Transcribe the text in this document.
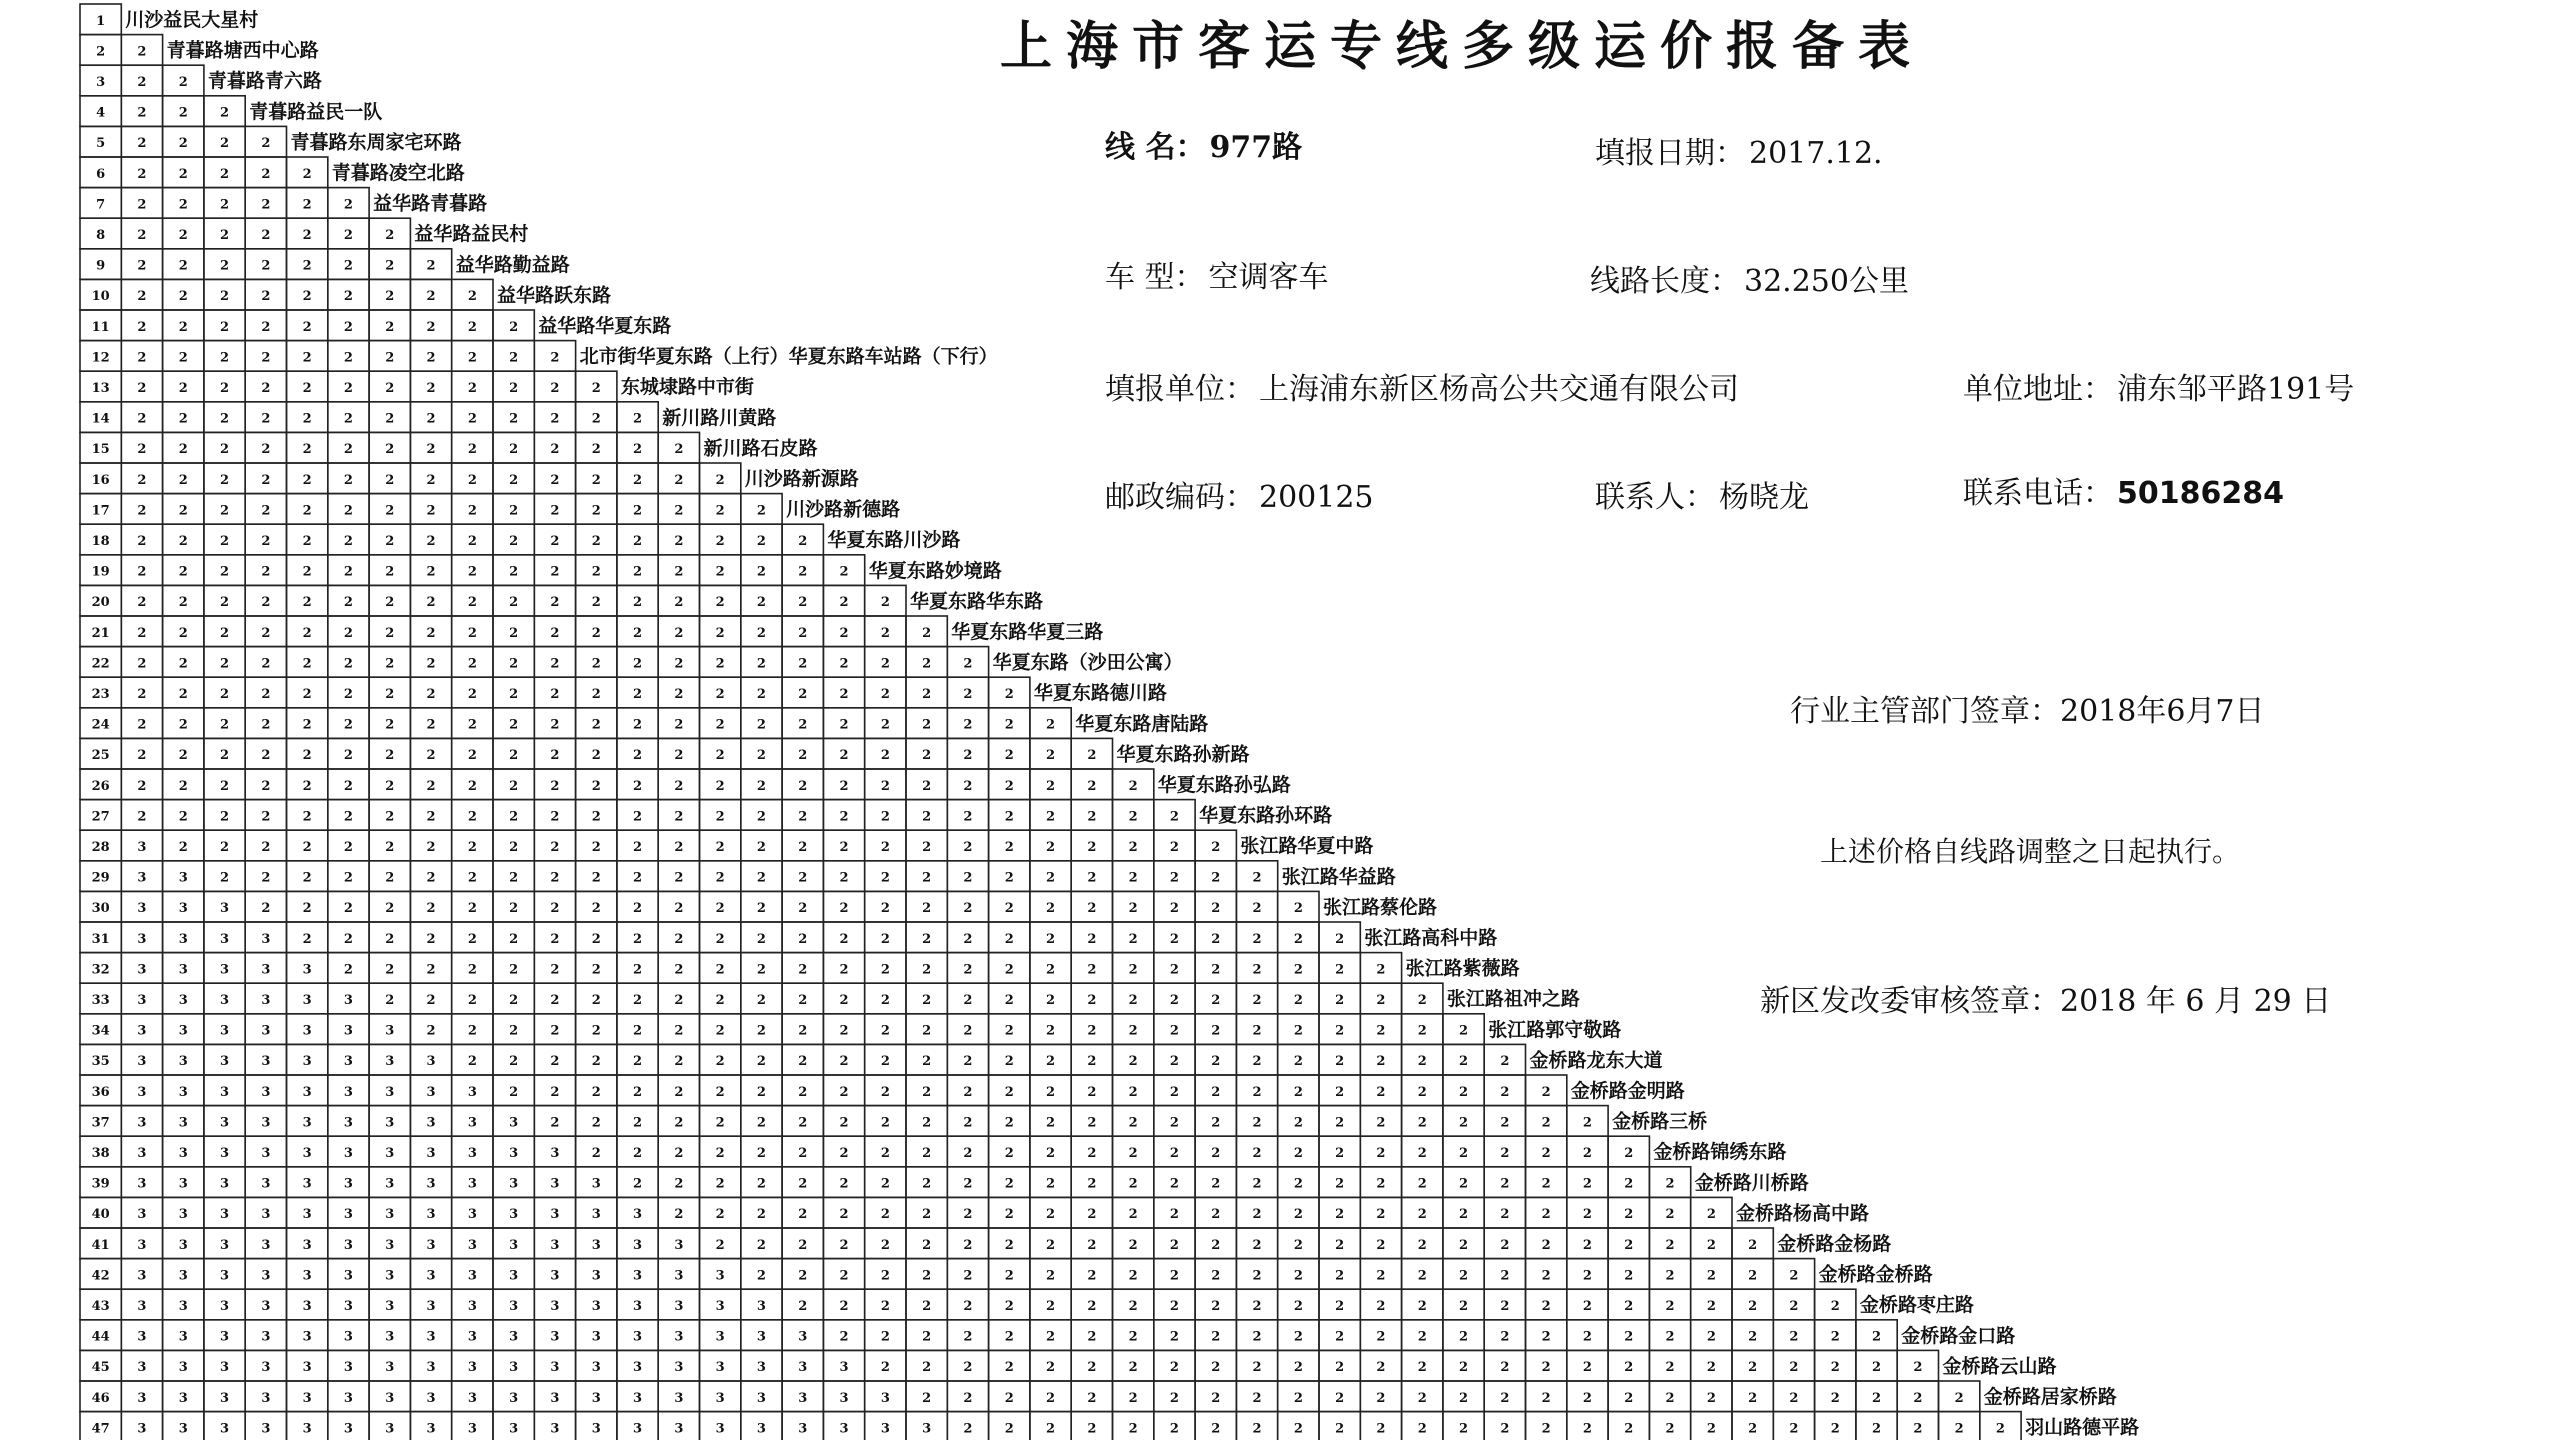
1 川沙益民大星村
2 2 青暮路塘西中心路
3 2 2 青暮路青六路
4 2 2 2 青暮路益民一队
5 2 2 2 2 青暮路东周家宅环路
6 2 2 2 2 2 青暮路凌空北路
7 2 2 2 2 2 2 益华路青暮路
8 2 2 2 2 2 2 2 益华路益民村
9 2 2 2 2 2 2 2 2 益华路勤益路
10 2 2 2 2 2 2 2 2 2 益华路跃东路
11 2 2 2 2 2 2 2 2 2 2 益华路华夏东路
12 2 2 2 2 2 2 2 2 2 2 2 北市街华夏东路（上行）华夏东路车站路（下行）
13 2 2 2 2 2 2 2 2 2 2 2 2 东城埭路中市街
14 2 2 2 2 2 2 2 2 2 2 2 2 2 新川路川黄路
15 2 2 2 2 2 2 2 2 2 2 2 2 2 2 新川路石皮路
16 2 2 2 2 2 2 2 2 2 2 2 2 2 2 2 川沙路新源路
17 2 2 2 2 2 2 2 2 2 2 2 2 2 2 2 2 川沙路新德路
18 2 2 2 2 2 2 2 2 2 2 2 2 2 2 2 2 2 华夏东路川沙路
19 2 2 2 2 2 2 2 2 2 2 2 2 2 2 2 2 2 2 华夏东路妙境路
20 2 2 2 2 2 2 2 2 2 2 2 2 2 2 2 2 2 2 2 华夏东路华东路
21 2 2 2 2 2 2 2 2 2 2 2 2 2 2 2 2 2 2 2 2 华夏东路华夏三路
22 2 2 2 2 2 2 2 2 2 2 2 2 2 2 2 2 2 2 2 2 2 华夏东路（沙田公寓）
23 2 2 2 2 2 2 2 2 2 2 2 2 2 2 2 2 2 2 2 2 2 2 华夏东路德川路
24 2 2 2 2 2 2 2 2 2 2 2 2 2 2 2 2 2 2 2 2 2 2 2 华夏东路唐陆路
25 2 2 2 2 2 2 2 2 2 2 2 2 2 2 2 2 2 2 2 2 2 2 2 2 华夏东路孙新路
26 2 2 2 2 2 2 2 2 2 2 2 2 2 2 2 2 2 2 2 2 2 2 2 2 2 华夏东路孙弘路
27 2 2 2 2 2 2 2 2 2 2 2 2 2 2 2 2 2 2 2 2 2 2 2 2 2 2 华夏东路孙环路
28 3 2 2 2 2 2 2 2 2 2 2 2 2 2 2 2 2 2 2 2 2 2 2 2 2 2 2 张江路华夏中路
29 3 3 2 2 2 2 2 2 2 2 2 2 2 2 2 2 2 2 2 2 2 2 2 2 2 2 2 2 张江路华益路
30 3 3 3 2 2 2 2 2 2 2 2 2 2 2 2 2 2 2 2 2 2 2 2 2 2 2 2 2 2 张江路蔡伦路
31 3 3 3 3 2 2 2 2 2 2 2 2 2 2 2 2 2 2 2 2 2 2 2 2 2 2 2 2 2 2 张江路高科中路
32 3 3 3 3 3 2 2 2 2 2 2 2 2 2 2 2 2 2 2 2 2 2 2 2 2 2 2 2 2 2 2 张江路紫薇路
33 3 3 3 3 3 3 2 2 2 2 2 2 2 2 2 2 2 2 2 2 2 2 2 2 2 2 2 2 2 2 2 2 张江路祖冲之路
34 3 3 3 3 3 3 3 2 2 2 2 2 2 2 2 2 2 2 2 2 2 2 2 2 2 2 2 2 2 2 2 2 2 张江路郭守敬路
35 3 3 3 3 3 3 3 3 2 2 2 2 2 2 2 2 2 2 2 2 2 2 2 2 2 2 2 2 2 2 2 2 2 2 金桥路龙东大道
36 3 3 3 3 3 3 3 3 3 2 2 2 2 2 2 2 2 2 2 2 2 2 2 2 2 2 2 2 2 2 2 2 2 2 2 金桥路金明路
37 3 3 3 3 3 3 3 3 3 3 2 2 2 2 2 2 2 2 2 2 2 2 2 2 2 2 2 2 2 2 2 2 2 2 2 2 金桥路三桥
38 3 3 3 3 3 3 3 3 3 3 3 2 2 2 2 2 2 2 2 2 2 2 2 2 2 2 2 2 2 2 2 2 2 2 2 2 2 金桥路锦绣东路
39 3 3 3 3 3 3 3 3 3 3 3 3 2 2 2 2 2 2 2 2 2 2 2 2 2 2 2 2 2 2 2 2 2 2 2 2 2 2 金桥路川桥路
40 3 3 3 3 3 3 3 3 3 3 3 3 3 2 2 2 2 2 2 2 2 2 2 2 2 2 2 2 2 2 2 2 2 2 2 2 2 2 2 金桥路杨高中路
41 3 3 3 3 3 3 3 3 3 3 3 3 3 3 2 2 2 2 2 2 2 2 2 2 2 2 2 2 2 2 2 2 2 2 2 2 2 2 2 2 金桥路金杨路
42 3 3 3 3 3 3 3 3 3 3 3 3 3 3 3 2 2 2 2 2 2 2 2 2 2 2 2 2 2 2 2 2 2 2 2 2 2 2 2 2 2 金桥路金桥路
43 3 3 3 3 3 3 3 3 3 3 3 3 3 3 3 3 2 2 2 2 2 2 2 2 2 2 2 2 2 2 2 2 2 2 2 2 2 2 2 2 2 2 金桥路枣庄路
44 3 3 3 3 3 3 3 3 3 3 3 3 3 3 3 3 3 2 2 2 2 2 2 2 2 2 2 2 2 2 2 2 2 2 2 2 2 2 2 2 2 2 2 金桥路金口路
45 3 3 3 3 3 3 3 3 3 3 3 3 3 3 3 3 3 3 2 2 2 2 2 2 2 2 2 2 2 2 2 2 2 2 2 2 2 2 2 2 2 2 2 2 金桥路云山路
46 3 3 3 3 3 3 3 3 3 3 3 3 3 3 3 3 3 3 3 2 2 2 2 2 2 2 2 2 2 2 2 2 2 2 2 2 2 2 2 2 2 2 2 2 2 金桥路居家桥路
47 3 3 3 3 3 3 3 3 3 3 3 3 3 3 3 3 3 3 3 3 2 2 2 2 2 2 2 2 2 2 2 2 2 2 2 2 2 2 2 2 2 2 2 2 2 2 羽山路德平路
上海市客运专线多级运价报备表
线 名： 977路	填报日期： 2017.12.
车 型： 空调客车	线路长度： 32.250公里
填报单位： 上海浦东新区杨高公共交通有限公司	单位地址： 浦东邹平路191号
邮政编码： 200125	联系人： 杨晓龙	联系电话： 50186284
行业主管部门签章：2018年6月7日
上述价格自线路调整之日起执行。
新区发改委审核签章：2018 年 6 月 29 日
